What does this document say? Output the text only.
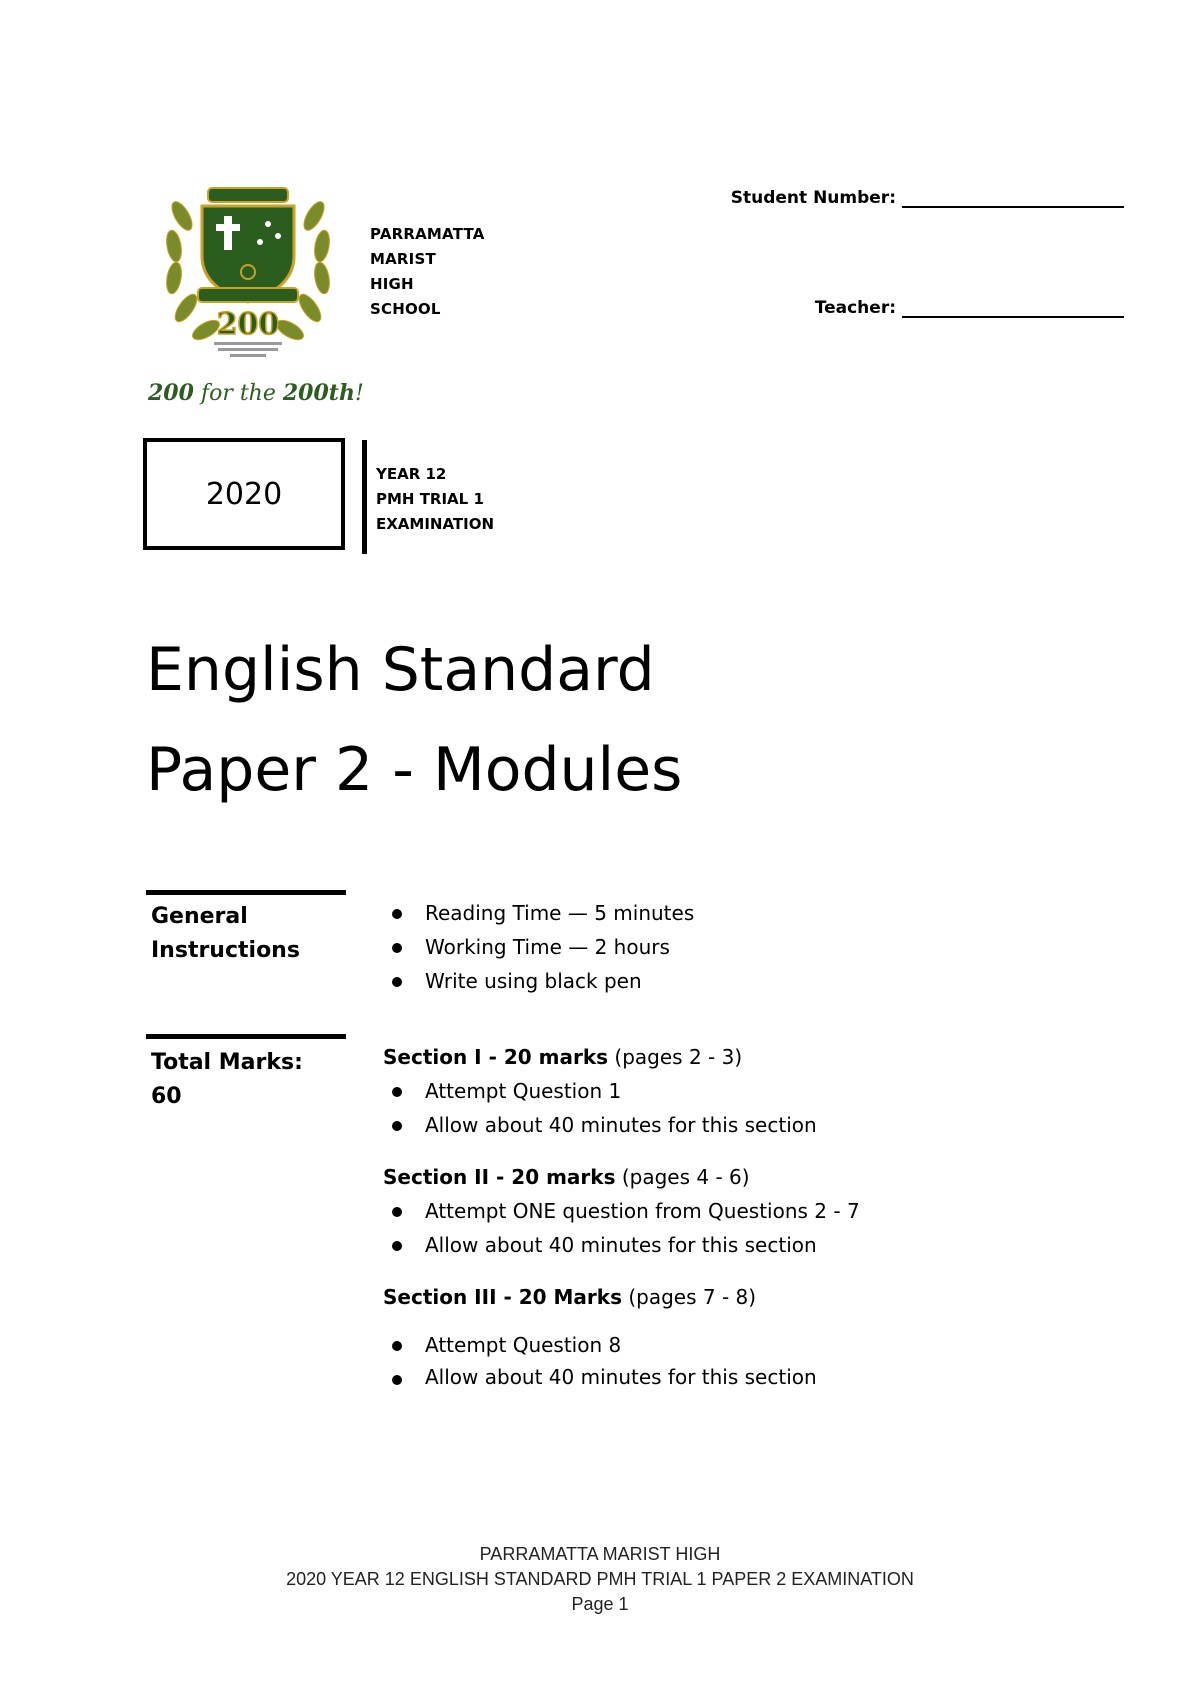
200
200 for the 200th!
PARRAMATTA
MARIST
HIGH
SCHOOL
Student Number:
Teacher:
2020
YEAR 12
PMH TRIAL 1
EXAMINATION
English Standard
Paper 2 - Modules
General
Instructions
Reading Time — 5 minutes
Working Time — 2 hours
Write using black pen
Total Marks:
60
Section I - 20 marks (pages 2 - 3)
Attempt Question 1
Allow about 40 minutes for this section
Section II - 20 marks (pages 4 - 6)
Attempt ONE question from Questions 2 - 7
Allow about 40 minutes for this section
Section III - 20 Marks (pages 7 - 8)
Attempt Question 8
Allow about 40 minutes for this section
PARRAMATTA MARIST HIGH
2020 YEAR 12 ENGLISH STANDARD PMH TRIAL 1 PAPER 2 EXAMINATION
Page 1
